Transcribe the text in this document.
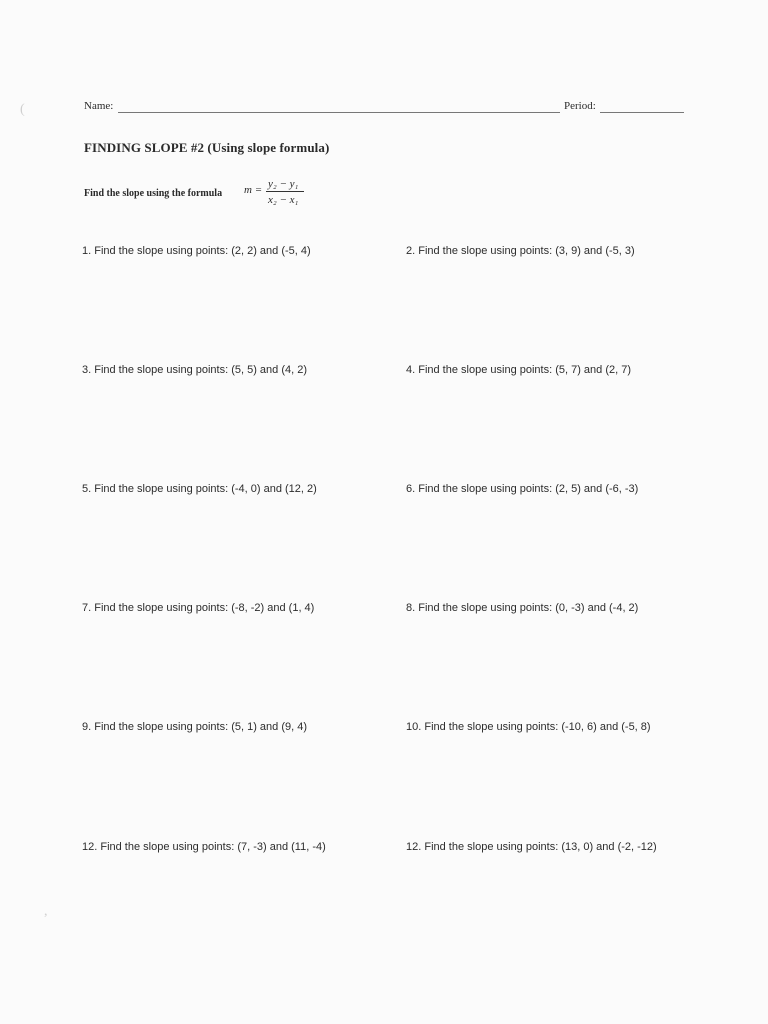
Name:	Period:
FINDING SLOPE #2 (Using slope formula)
Find the slope using the formula m = y₂ − y₁
x₂ − x₁
1. Find the slope using points: (2, 2) and (-5, 4)	2. Find the slope using points: (3, 9) and (-5, 3)
3. Find the slope using points: (5, 5) and (4, 2)	4. Find the slope using points: (5, 7) and (2, 7)
5. Find the slope using points: (-4, 0) and (12, 2)	6. Find the slope using points: (2, 5) and (-6, -3)
7. Find the slope using points: (-8, -2) and (1, 4)	8. Find the slope using points: (0, -3) and (-4, 2)
9. Find the slope using points: (5, 1) and (9, 4)	10. Find the slope using points: (-10, 6) and (-5, 8)
12. Find the slope using points: (7, -3) and (11, -4)	12. Find the slope using points: (13, 0) and (-2, -12)
(
,
